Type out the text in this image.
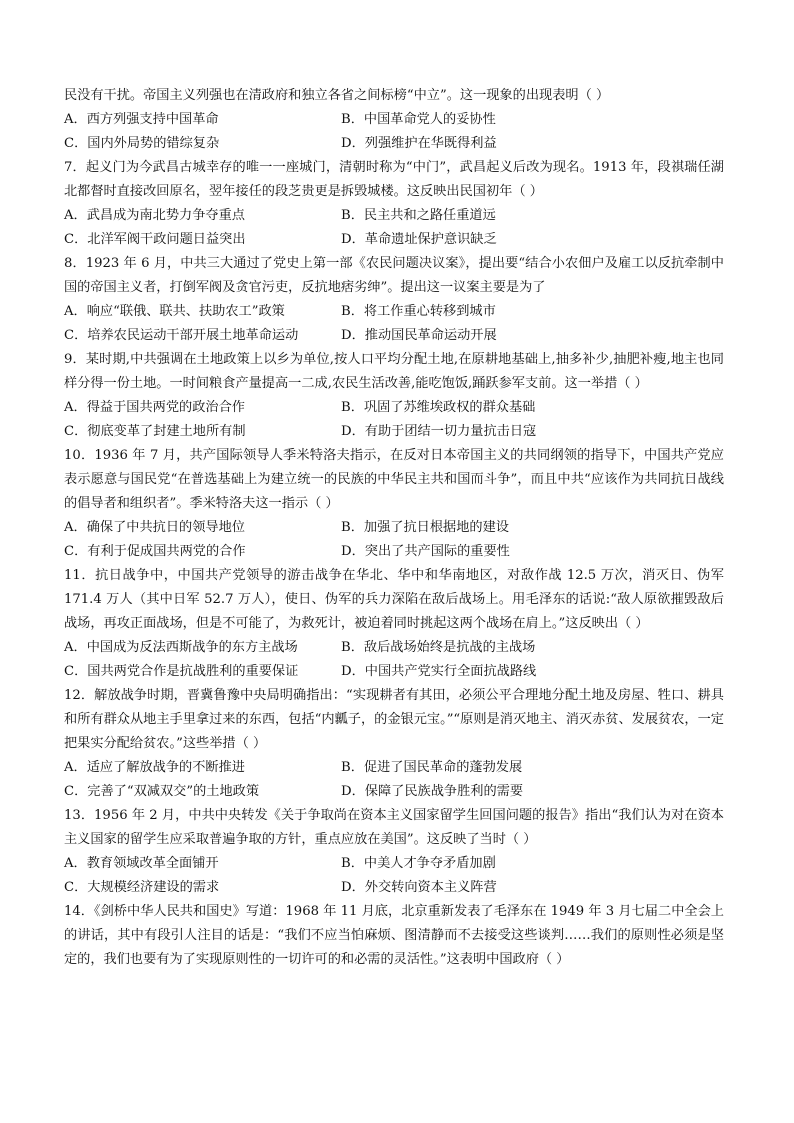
民没有干扰。帝国主义列强也在清政府和独立各省之间标榜“中立”。这一现象的出现表明（ ）

A．西方列强支持中国革命	B．中国革命党人的妥协性
C．国内外局势的错综复杂	D．列强维护在华既得利益

7．起义门为今武昌古城幸存的唯一一座城门，清朝时称为“中门”，武昌起义后改为现名。1913 年，段祺瑞任湖北都督时直接改回原名，翌年接任的段芝贵更是拆毁城楼。这反映出民国初年（ ）

A．武昌成为南北势力争夺重点	B．民主共和之路任重道远
C．北洋军阀干政问题日益突出	D．革命遗址保护意识缺乏

8．1923 年 6 月，中共三大通过了党史上第一部《农民问题决议案》，提出要“结合小农佃户及雇工以反抗牵制中国的帝国主义者，打倒军阀及贪官污吏，反抗地痞劣绅”。提出这一议案主要是为了

A．响应“联俄、联共、扶助农工”政策	B．将工作重心转移到城市
C．培养农民运动干部开展土地革命运动	D．推动国民革命运动开展

9．某时期,中共强调在土地政策上以乡为单位,按人口平均分配土地,在原耕地基础上,抽多补少,抽肥补瘦,地主也同样分得一份土地。一时间粮食产量提高一二成,农民生活改善,能吃饱饭,踊跃参军支前。这一举措（ ）

A．得益于国共两党的政治合作	B．巩固了苏维埃政权的群众基础
C．彻底变革了封建土地所有制	D．有助于团结一切力量抗击日寇

10．1936 年 7 月，共产国际领导人季米特洛夫指示，在反对日本帝国主义的共同纲领的指导下，中国共产党应表示愿意与国民党“在普选基础上为建立统一的民族的中华民主共和国而斗争”，而且中共“应该作为共同抗日战线的倡导者和组织者”。季米特洛夫这一指示（ ）

A．确保了中共抗日的领导地位	B．加强了抗日根据地的建设
C．有利于促成国共两党的合作	D．突出了共产国际的重要性

11．抗日战争中，中国共产党领导的游击战争在华北、华中和华南地区，对敌作战 12.5 万次，消灭日、伪军 171.4 万人（其中日军 52.7 万人），使日、伪军的兵力深陷在敌后战场上。用毛泽东的话说:“敌人原欲摧毁敌后战场，再攻正面战场，但是不可能了，为救死计，被迫着同时挑起这两个战场在肩上。”这反映出（ ）

A．中国成为反法西斯战争的东方主战场	B．敌后战场始终是抗战的主战场
C．国共两党合作是抗战胜利的重要保证	D．中国共产党实行全面抗战路线

12．解放战争时期，晋冀鲁豫中央局明确指出：“实现耕者有其田，必须公平合理地分配土地及房屋、牲口、耕具和所有群众从地主手里拿过来的东西，包括“内瓤子，的金银元宝。”“原则是消灭地主、消灭赤贫、发展贫农，一定把果实分配给贫农。”这些举措（ ）

A．适应了解放战争的不断推进	B．促进了国民革命的蓬勃发展
C．完善了“双减双交”的土地政策	D．保障了民族战争胜利的需要

13．1956 年 2 月，中共中央转发《关于争取尚在资本主义国家留学生回国问题的报告》指出“我们认为对在资本主义国家的留学生应采取普遍争取的方针，重点应放在美国”。这反映了当时（ ）

A．教育领域改革全面铺开	B．中美人才争夺矛盾加剧
C．大规模经济建设的需求	D．外交转向资本主义阵营

14．《剑桥中华人民共和国史》写道：1968 年 11 月底，北京重新发表了毛泽东在 1949 年 3 月七届二中全会上的讲话，其中有段引人注目的话是：“我们不应当怕麻烦、图清静而不去接受这些谈判……我们的原则性必须是坚定的，我们也要有为了实现原则性的一切许可的和必需的灵活性。”这表明中国政府（ ）
